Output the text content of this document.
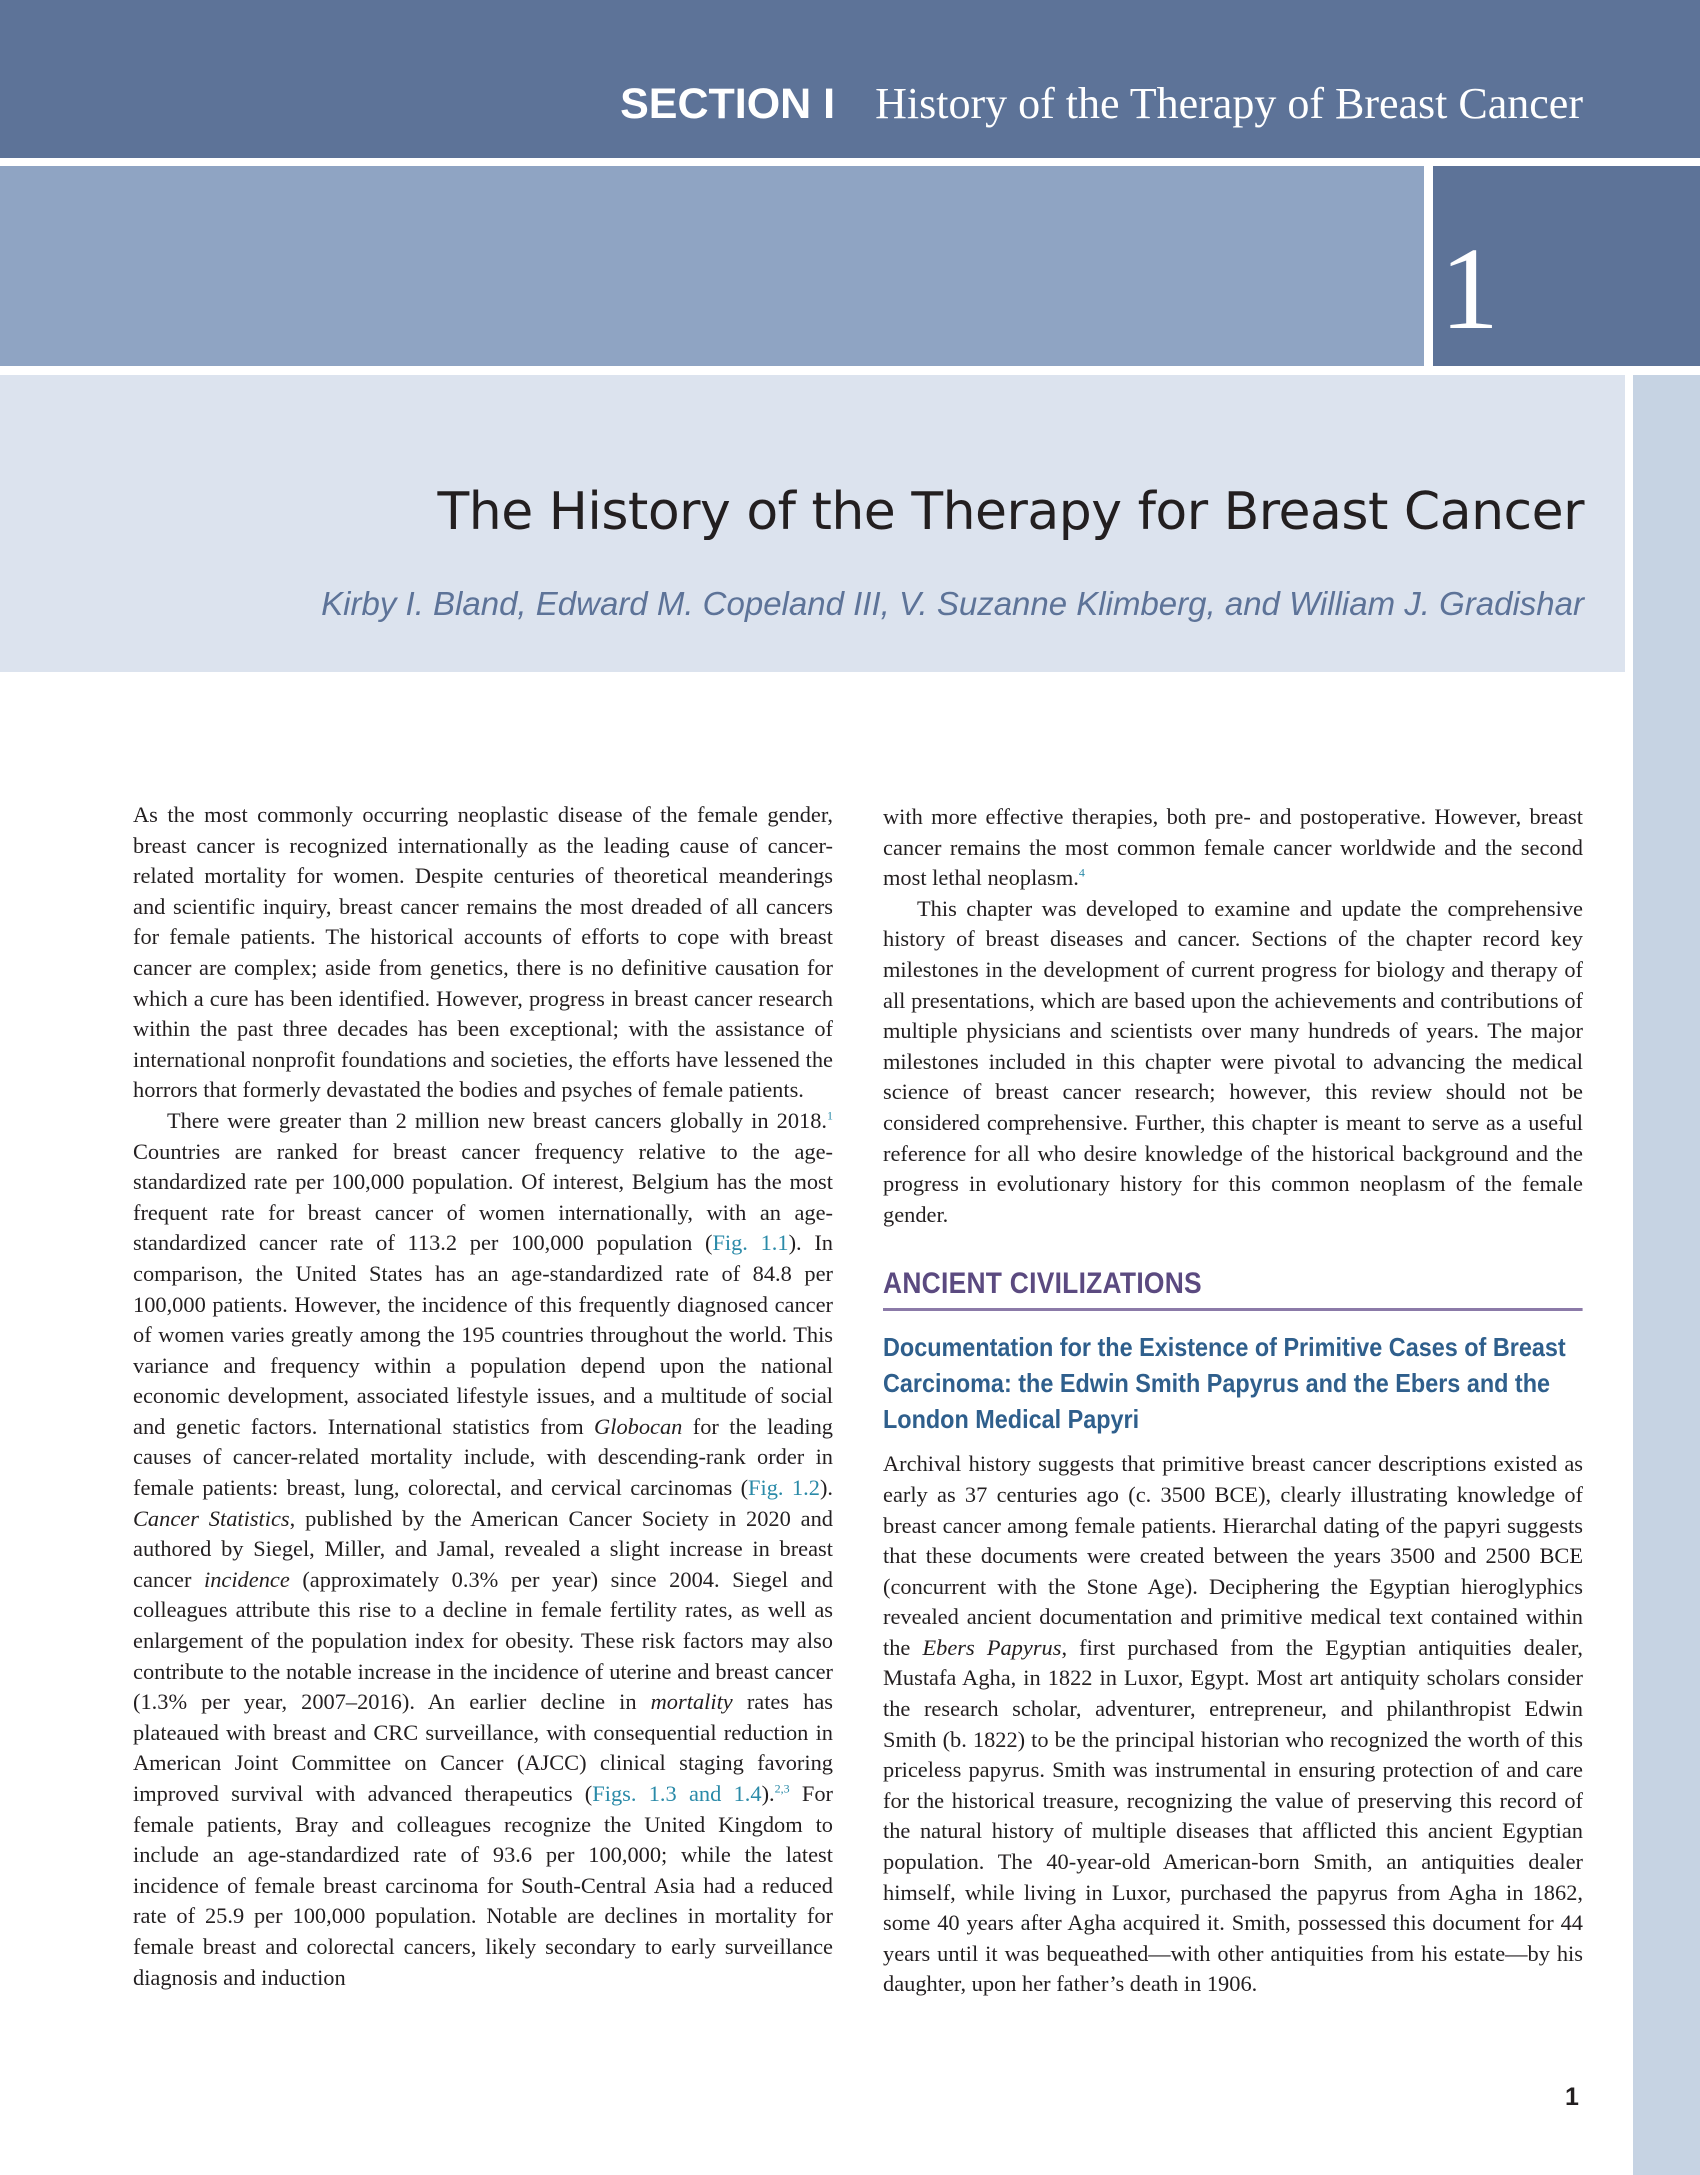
SECTION I History of the Therapy of Breast Cancer
1
The History of the Therapy for Breast Cancer

Kirby I. Bland, Edward M. Copeland III, V. Suzanne Klimberg, and William J. Gradishar

As the most commonly occurring neoplastic disease of the female gender, breast cancer is recognized internationally as the leading cause of cancer-related mortality for women. Despite centuries of theoretical meanderings and scientific inquiry, breast cancer remains the most dreaded of all cancers for female patients. The historical accounts of efforts to cope with breast cancer are complex; aside from genetics, there is no definitive causation for which a cure has been identified. However, progress in breast cancer research within the past three decades has been exceptional; with the assistance of international nonprofit foundations and societies, the efforts have lessened the horrors that formerly devastated the bodies and psyches of female patients.

There were greater than 2 million new breast cancers globally in 2018.$^1$ Countries are ranked for breast cancer frequency relative to the age-standardized rate per 100,000 population. Of interest, Belgium has the most frequent rate for breast cancer of women internationally, with an age-standardized cancer rate of 113.2 per 100,000 population (Fig. 1.1). In comparison, the United States has an age-standardized rate of 84.8 per 100,000 patients. However, the incidence of this frequently diagnosed cancer of women varies greatly among the 195 countries throughout the world. This variance and frequency within a population depend upon the national economic development, associated lifestyle issues, and a multitude of social and genetic factors. International statistics from Globocan for the leading causes of cancer-related mortality include, with descending-rank order in female patients: breast, lung, colorectal, and cervical carcinomas (Fig. 1.2). Cancer Statistics, published by the American Cancer Society in 2020 and authored by Siegel, Miller, and Jamal, revealed a slight increase in breast cancer incidence (approximately 0.3% per year) since 2004. Siegel and colleagues attribute this rise to a decline in female fertility rates, as well as enlargement of the population index for obesity. These risk factors may also contribute to the notable increase in the incidence of uterine and breast cancer (1.3% per year, 2007–2016). An earlier decline in mortality rates has plateaued with breast and CRC surveillance, with consequential reduction in American Joint Committee on Cancer (AJCC) clinical staging favoring improved survival with advanced therapeutics (Figs. 1.3 and 1.4).$^{2,3}$ For female patients, Bray and colleagues recognize the United Kingdom to include an age-standardized rate of 93.6 per 100,000; while the latest incidence of female breast carcinoma for South-Central Asia had a reduced rate of 25.9 per 100,000 population. Notable are declines in mortality for female breast and colorectal cancers, likely secondary to early surveillance diagnosis and induction

with more effective therapies, both pre- and postoperative. However, breast cancer remains the most common female cancer worldwide and the second most lethal neoplasm.$^4$

This chapter was developed to examine and update the comprehensive history of breast diseases and cancer. Sections of the chapter record key milestones in the development of current progress for biology and therapy of all presentations, which are based upon the achievements and contributions of multiple physicians and scientists over many hundreds of years. The major milestones included in this chapter were pivotal to advancing the medical science of breast cancer research; however, this review should not be considered comprehensive. Further, this chapter is meant to serve as a useful reference for all who desire knowledge of the historical background and the progress in evolutionary history for this common neoplasm of the female gender.

ANCIENT CIVILIZATIONS
Documentation for the Existence of Primitive Cases of Breast Carcinoma: the Edwin Smith Papyrus and the Ebers and the London Medical Papyri

Archival history suggests that primitive breast cancer descriptions existed as early as 37 centuries ago (c. 3500 BCE), clearly illustrating knowledge of breast cancer among female patients. Hierarchal dating of the papyri suggests that these documents were created between the years 3500 and 2500 BCE (concurrent with the Stone Age). Deciphering the Egyptian hieroglyphics revealed ancient documentation and primitive medical text contained within the Ebers Papyrus, first purchased from the Egyptian antiquities dealer, Mustafa Agha, in 1822 in Luxor, Egypt. Most art antiquity scholars consider the research scholar, adventurer, entrepreneur, and philanthropist Edwin Smith (b. 1822) to be the principal historian who recognized the worth of this priceless papyrus. Smith was instrumental in ensuring protection of and care for the historical treasure, recognizing the value of preserving this record of the natural history of multiple diseases that afflicted this ancient Egyptian population. The 40-year-old American-born Smith, an antiquities dealer himself, while living in Luxor, purchased the papyrus from Agha in 1862, some 40 years after Agha acquired it. Smith, possessed this document for 44 years until it was bequeathed—with other antiquities from his estate—by his daughter, upon her father’s death in 1906.

1
